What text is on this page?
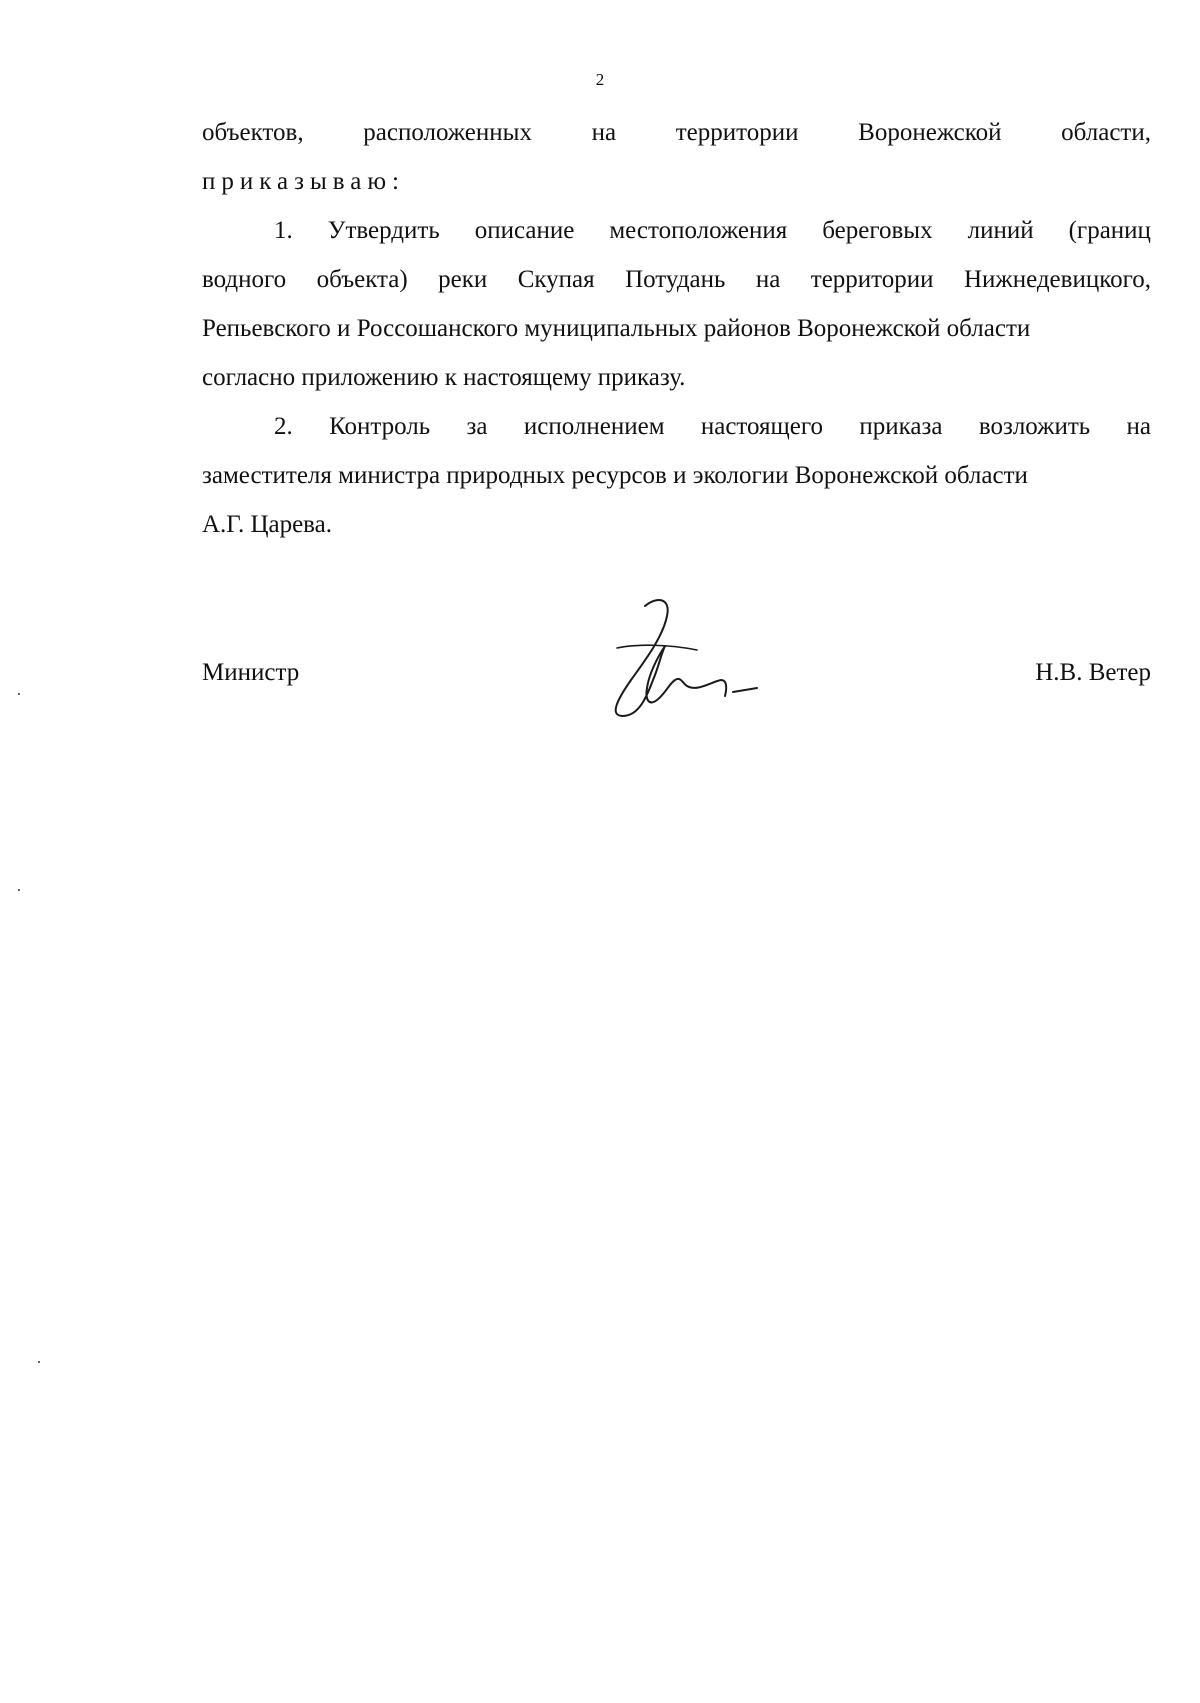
2
объектов, расположенных на территории Воронежской области,
приказываю:
1. Утвердить описание местоположения береговых линий (границ
водного объекта) реки Скупая Потудань на территории Нижнедевицкого,
Репьевского и Россошанского муниципальных районов Воронежской области
согласно приложению к настоящему приказу.
2. Контроль за исполнением настоящего приказа возложить на
заместителя министра природных ресурсов и экологии Воронежской области
А.Г. Царева.
Министр	Н.В. Ветер
